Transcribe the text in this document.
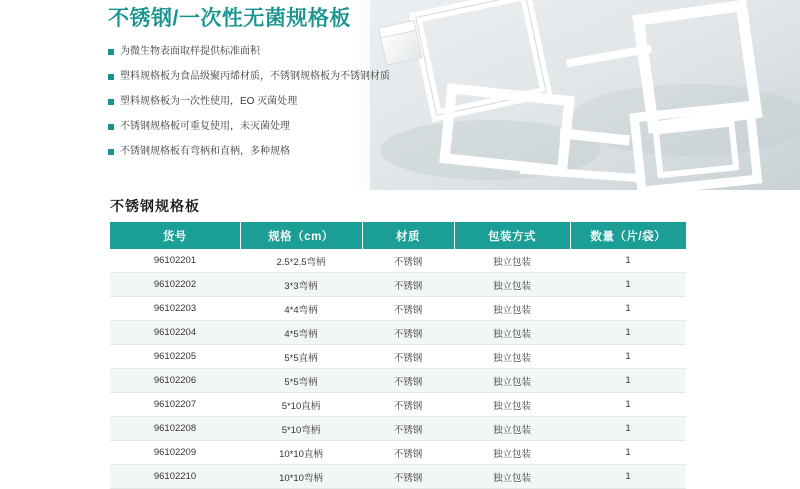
不锈钢/一次性无菌规格板
为微生物表面取样提供标准面积
塑料规格板为食品级聚丙烯材质，不锈钢规格板为不锈钢材质
塑料规格板为一次性使用，EO 灭菌处理
不锈钢规格板可重复使用，未灭菌处理
不锈钢规格板有弯柄和直柄，多种规格
不锈钢规格板
货号	规格（cm）	材质	包装方式	数量（片/袋）
96102201	2.5*2.5弯柄	不锈钢	独立包装	1
96102202	3*3弯柄	不锈钢	独立包装	1
96102203	4*4弯柄	不锈钢	独立包装	1
96102204	4*5弯柄	不锈钢	独立包装	1
96102205	5*5直柄	不锈钢	独立包装	1
96102206	5*5弯柄	不锈钢	独立包装	1
96102207	5*10直柄	不锈钢	独立包装	1
96102208	5*10弯柄	不锈钢	独立包装	1
96102209	10*10直柄	不锈钢	独立包装	1
96102210	10*10弯柄	不锈钢	独立包装	1
